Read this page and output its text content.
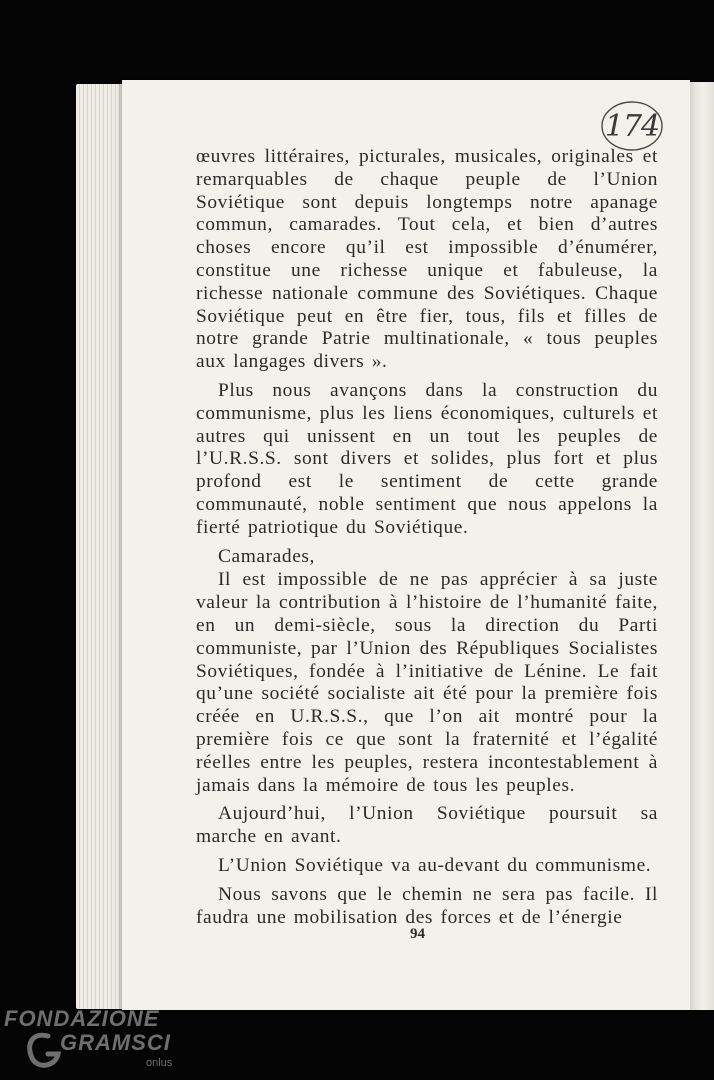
174

œuvres littéraires, picturales, musicales, originales et remarquables de chaque peuple de l’Union Soviétique sont depuis longtemps notre apanage commun, camarades. Tout cela, et bien d’autres choses encore qu’il est impossible d’énumérer, constitue une richesse unique et fabuleuse, la richesse nationale commune des Soviétiques. Chaque Soviétique peut en être fier, tous, fils et filles de notre grande Patrie multinationale, « tous peuples aux langages divers ».

Plus nous avançons dans la construction du communisme, plus les liens économiques, culturels et autres qui unissent en un tout les peuples de l’U.R.S.S. sont divers et solides, plus fort et plus profond est le sentiment de cette grande communauté, noble sentiment que nous appelons la fierté patriotique du Soviétique.

Camarades,

Il est impossible de ne pas apprécier à sa juste valeur la contribution à l’histoire de l’humanité faite, en un demi-siècle, sous la direction du Parti communiste, par l’Union des Républiques Socialistes Soviétiques, fondée à l’initiative de Lénine. Le fait qu’une société socialiste ait été pour la première fois créée en U.R.S.S., que l’on ait montré pour la première fois ce que sont la fraternité et l’égalité réelles entre les peuples, restera incontestablement à jamais dans la mémoire de tous les peuples.

Aujourd’hui, l’Union Soviétique poursuit sa marche en avant.

L’Union Soviétique va au-devant du communisme.

Nous savons que le chemin ne sera pas facile. Il faudra une mobilisation des forces et de l’énergie

94
FONDAZIONE
GRAMSCI
onlus
